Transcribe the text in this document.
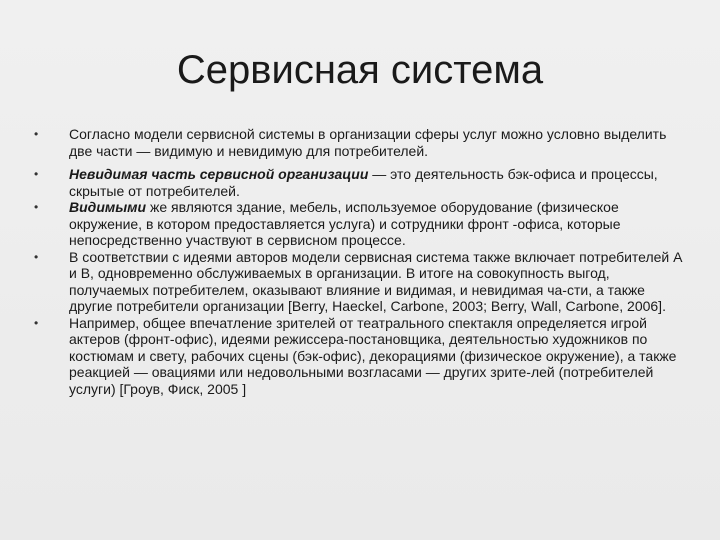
Сервисная система
•	Согласно модели сервисной системы в организации сферы услуг можно условно выделить две части — видимую и невидимую для потребителей.
•	Невидимая часть сервисной организации — это деятельность бэк-офиса и процессы, скрытые от потребителей.
•	Видимыми же являются здание, мебель, используемое оборудование (физическое окружение, в котором предоставляется услуга) и сотрудники фронт -офиса, которые непосредственно участвуют в сервисном процессе.
•	В соответствии с идеями авторов модели сервисная система также включает потребителей А и В, одновременно обслуживаемых в организации. В итоге на совокупность выгод, получаемых потребителем, оказывают влияние и видимая, и невидимая ча-сти, а также другие потребители организации [Berry, Haeckel, Carbone, 2003; Berry, Wall, Carbone, 2006].
•	Например, общее впечатление зрителей от театрального спектакля определяется игрой актеров (фронт-офис), идеями режиссера-постановщика, деятельностью художников по костюмам и свету, рабочих сцены (бэк-офис), декорациями (физическое окружение), а также реакцией — овациями или недовольными возгласами — других зрите-лей (потребителей услуги) [Гроув, Фиск, 2005 ]
